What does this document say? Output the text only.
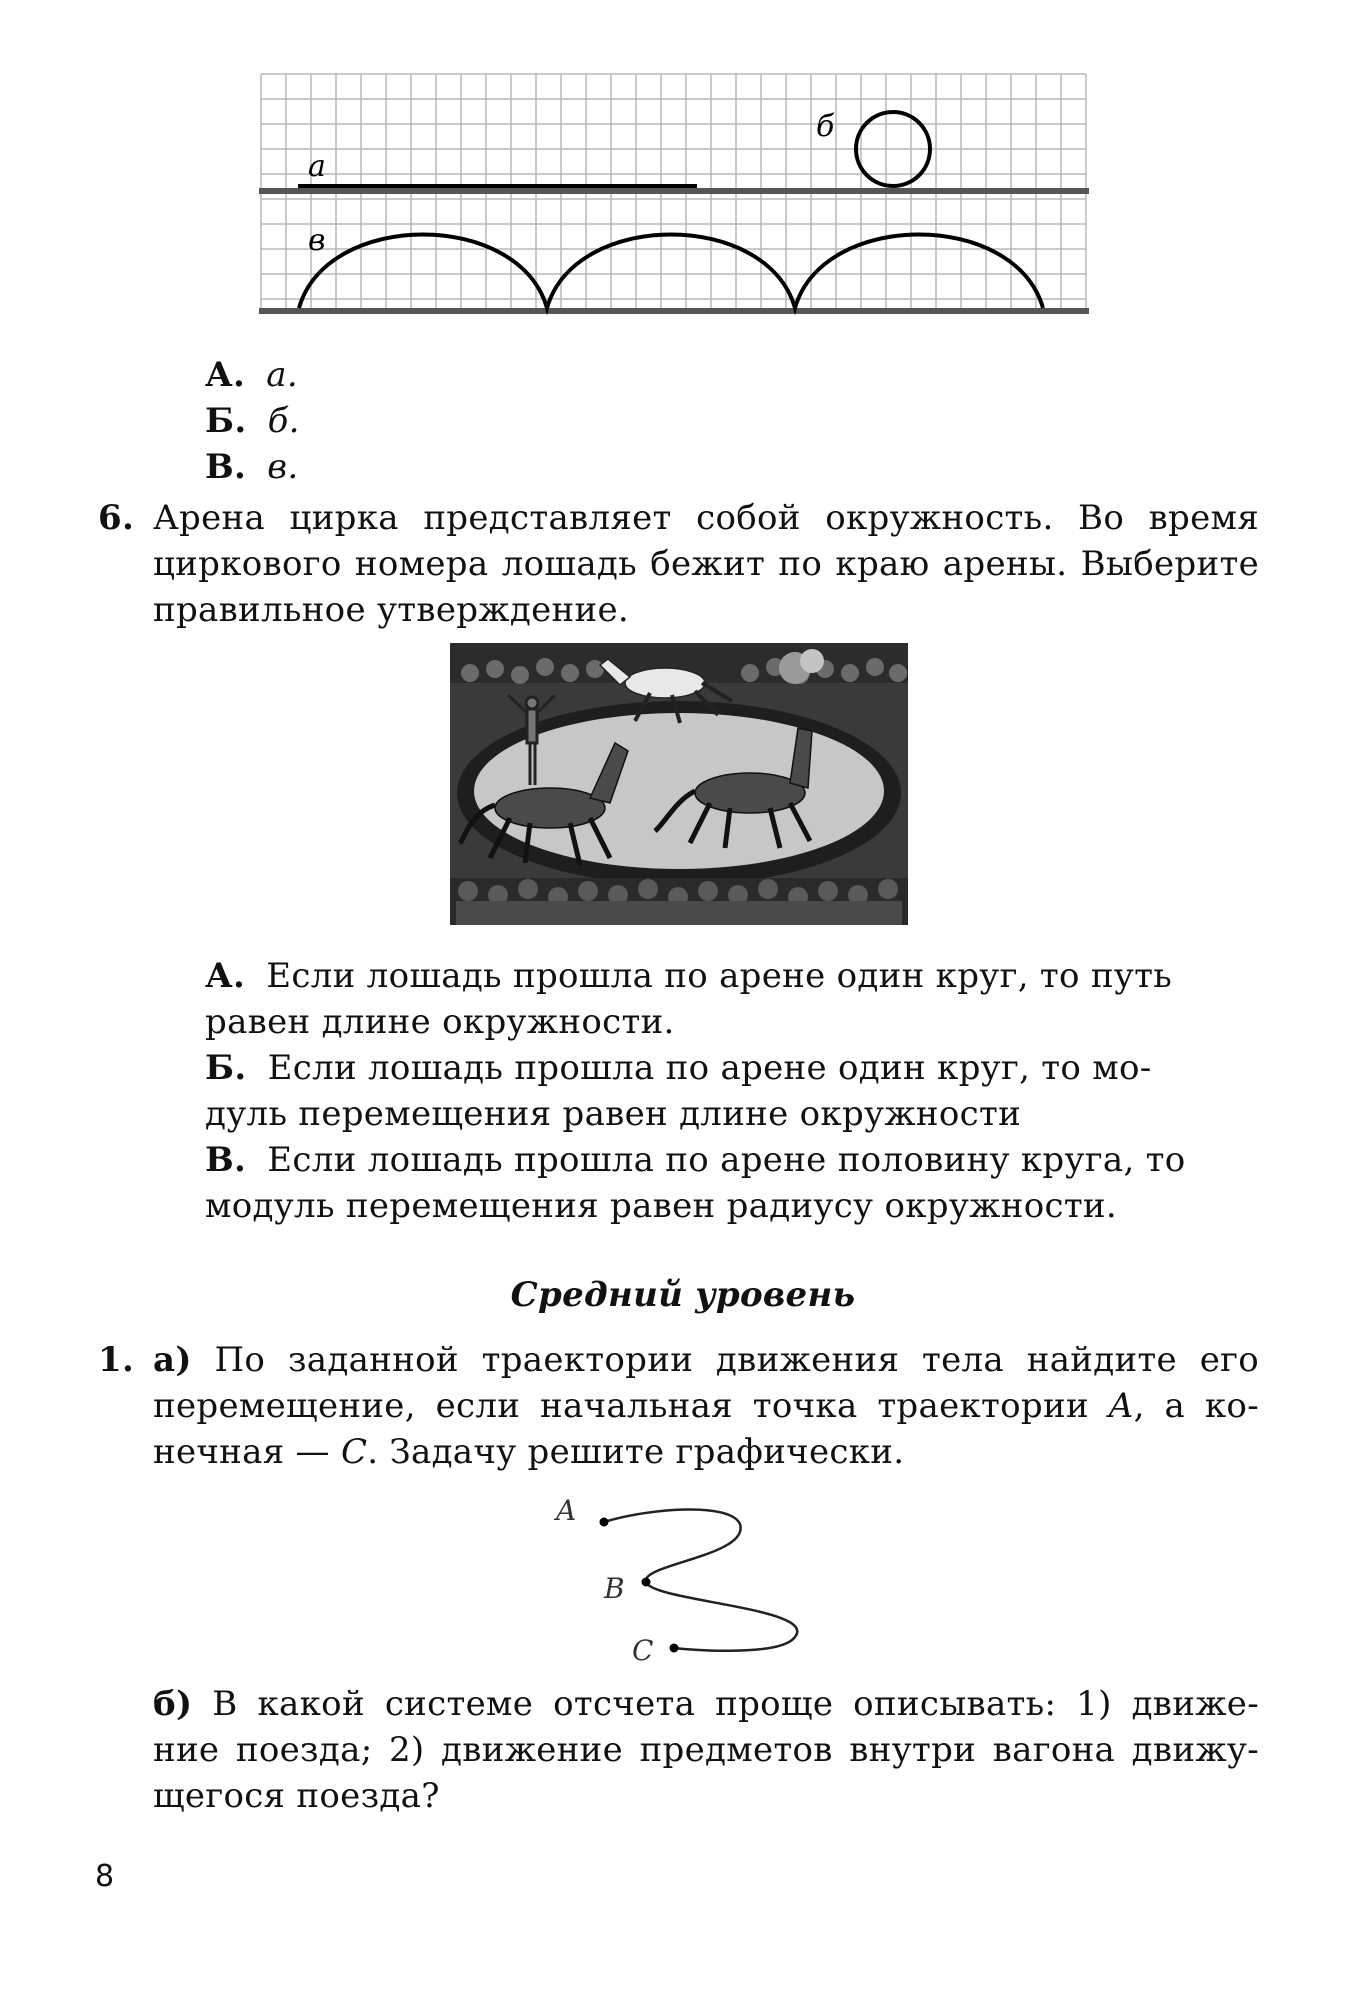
а
б
в
А. а.
Б. б.
В. в.
6. Арена цирка представляет собой окружность. Во время
циркового номера лошадь бежит по краю арены. Выберите
правильное утверждение.
А. Если лошадь прошла по арене один круг, то путь
равен длине окружности.
Б. Если лошадь прошла по арене один круг, то мо-
дуль перемещения равен длине окружности
В. Если лошадь прошла по арене половину круга, то
модуль перемещения равен радиусу окружности.
Средний уровень
1. а) По заданной траектории движения тела найдите его
перемещение, если начальная точка траектории A, а ко-
нечная — C. Задачу решите графически.
A
B
C
б) В какой системе отсчета проще описывать: 1) движе-
ние поезда; 2) движение предметов внутри вагона движу-
щегося поезда?
8
